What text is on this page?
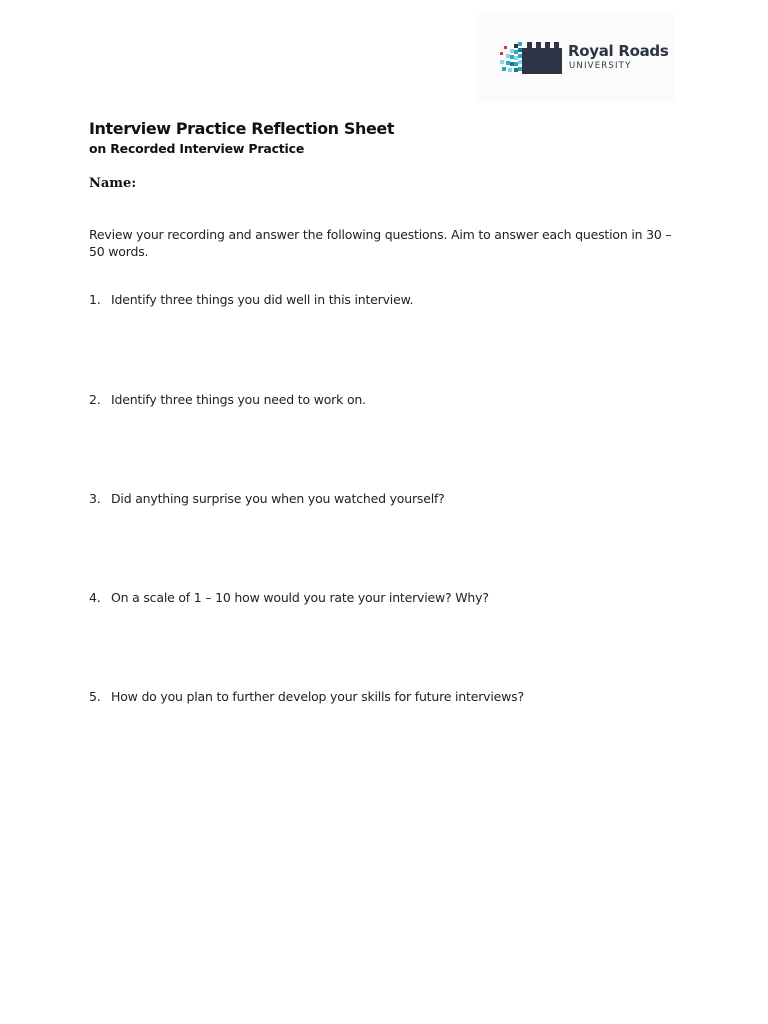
Royal Roads
UNIVERSITY
Interview Practice Reflection Sheet
on Recorded Interview Practice
Name:
Review your recording and answer the following questions. Aim to answer each question in 30 – 50 words.
1. Identify three things you did well in this interview.
2. Identify three things you need to work on.
3. Did anything surprise you when you watched yourself?
4. On a scale of 1 – 10 how would you rate your interview? Why?
5. How do you plan to further develop your skills for future interviews?
